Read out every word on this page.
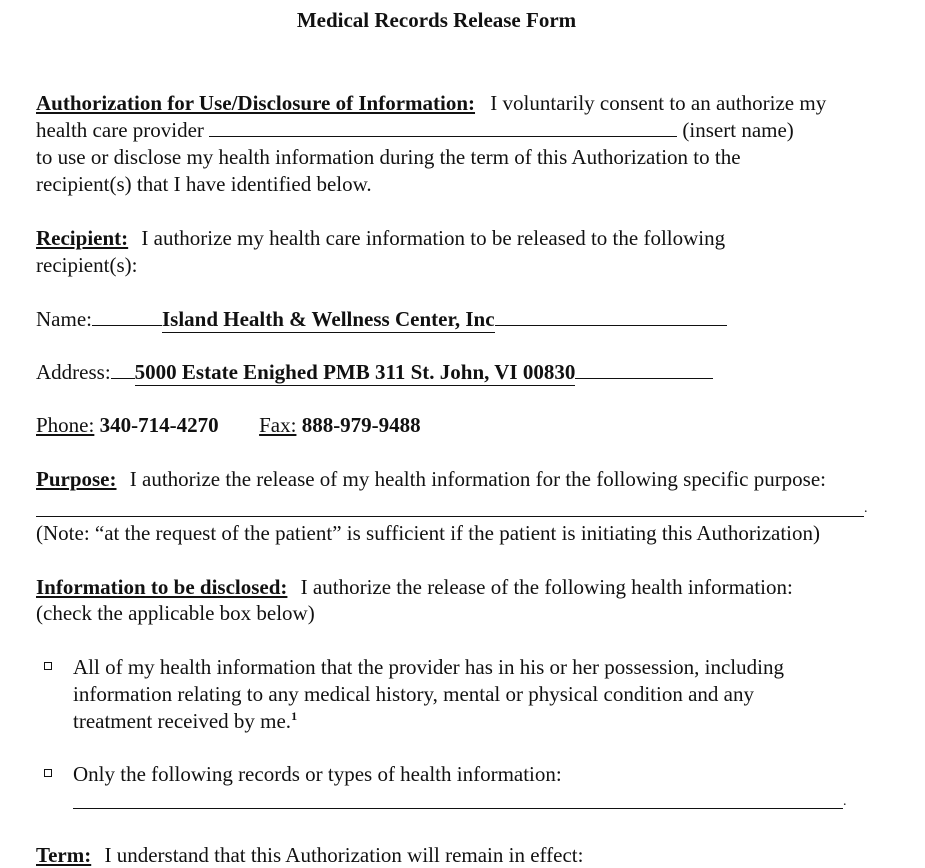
Medical Records Release Form
Authorization for Use/Disclosure of Information: I voluntarily consent to an authorize my
health care provider	(insert name)
to use or disclose my health information during the term of this Authorization to the
recipient(s) that I have identified below.
Recipient: I authorize my health care information to be released to the following
recipient(s):
Name:	Island Health & Wellness Center, Inc
Address: 5000 Estate Enighed PMB 311 St. John, VI 00830
Phone: 340-714-4270 Fax: 888-979-9488
Purpose: I authorize the release of my health information for the following specific purpose:
.
(Note: “at the request of the patient” is sufficient if the patient is initiating this Authorization)
Information to be disclosed: I authorize the release of the following health information:
(check the applicable box below)
All of my health information that the provider has in his or her possession, including
information relating to any medical history, mental or physical condition and any
treatment received by me.$^1$
Only the following records or types of health information:
.
Term: I understand that this Authorization will remain in effect:
